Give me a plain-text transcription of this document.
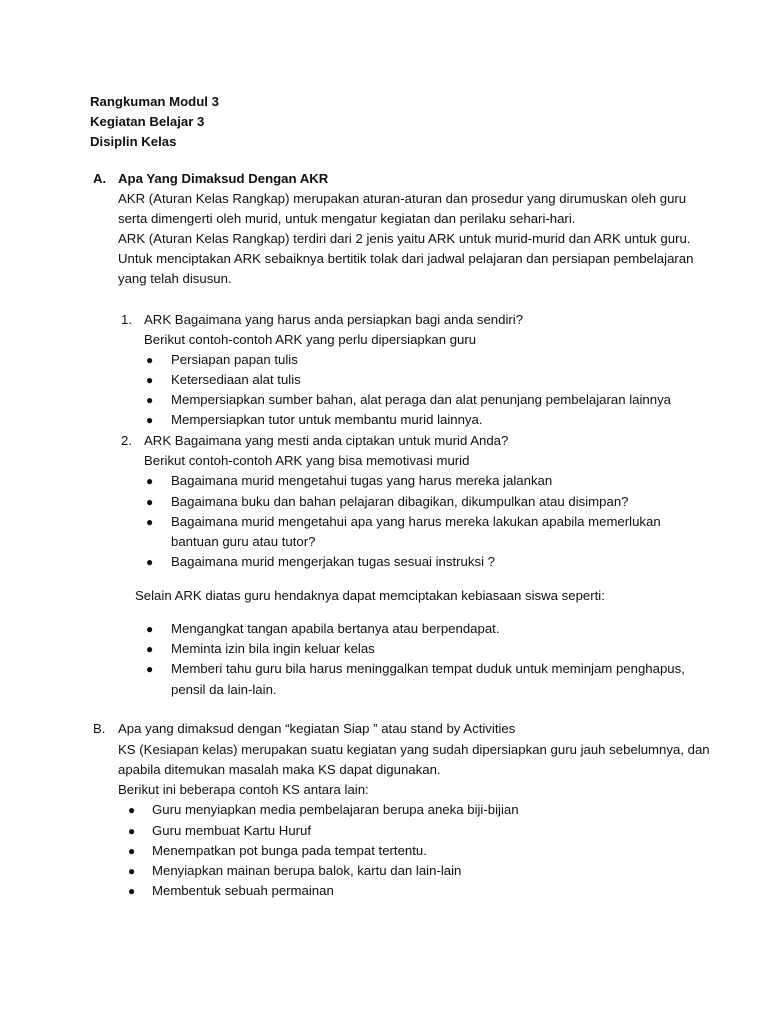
Rangkuman Modul 3
Kegiatan Belajar 3
Disiplin Kelas
A. Apa Yang Dimaksud Dengan AKR
AKR (Aturan Kelas Rangkap) merupakan aturan-aturan dan prosedur yang dirumuskan oleh guru
serta dimengerti oleh murid, untuk mengatur kegiatan dan perilaku sehari-hari.
ARK (Aturan Kelas Rangkap) terdiri dari 2 jenis yaitu ARK untuk murid-murid dan ARK untuk guru.
Untuk menciptakan ARK sebaiknya bertitik tolak dari jadwal pelajaran dan persiapan pembelajaran
yang telah disusun.
1. ARK Bagaimana yang harus anda persiapkan bagi anda sendiri?
Berikut contoh-contoh ARK yang perlu dipersiapkan guru
● Persiapan papan tulis
● Ketersediaan alat tulis
● Mempersiapkan sumber bahan, alat peraga dan alat penunjang pembelajaran lainnya
● Mempersiapkan tutor untuk membantu murid lainnya.
2. ARK Bagaimana yang mesti anda ciptakan untuk murid Anda?
Berikut contoh-contoh ARK yang bisa memotivasi murid
● Bagaimana murid mengetahui tugas yang harus mereka jalankan
● Bagaimana buku dan bahan pelajaran dibagikan, dikumpulkan atau disimpan?
● Bagaimana murid mengetahui apa yang harus mereka lakukan apabila memerlukan
bantuan guru atau tutor?
● Bagaimana murid mengerjakan tugas sesuai instruksi ?
Selain ARK diatas guru hendaknya dapat memciptakan kebiasaan siswa seperti:
● Mengangkat tangan apabila bertanya atau berpendapat.
● Meminta izin bila ingin keluar kelas
● Memberi tahu guru bila harus meninggalkan tempat duduk untuk meminjam penghapus,
pensil da lain-lain.
B. Apa yang dimaksud dengan “kegiatan Siap ” atau stand by Activities
KS (Kesiapan kelas) merupakan suatu kegiatan yang sudah dipersiapkan guru jauh sebelumnya, dan
apabila ditemukan masalah maka KS dapat digunakan.
Berikut ini beberapa contoh KS antara lain:
● Guru menyiapkan media pembelajaran berupa aneka biji-bijian
● Guru membuat Kartu Huruf
● Menempatkan pot bunga pada tempat tertentu.
● Menyiapkan mainan berupa balok, kartu dan lain-lain
● Membentuk sebuah permainan
